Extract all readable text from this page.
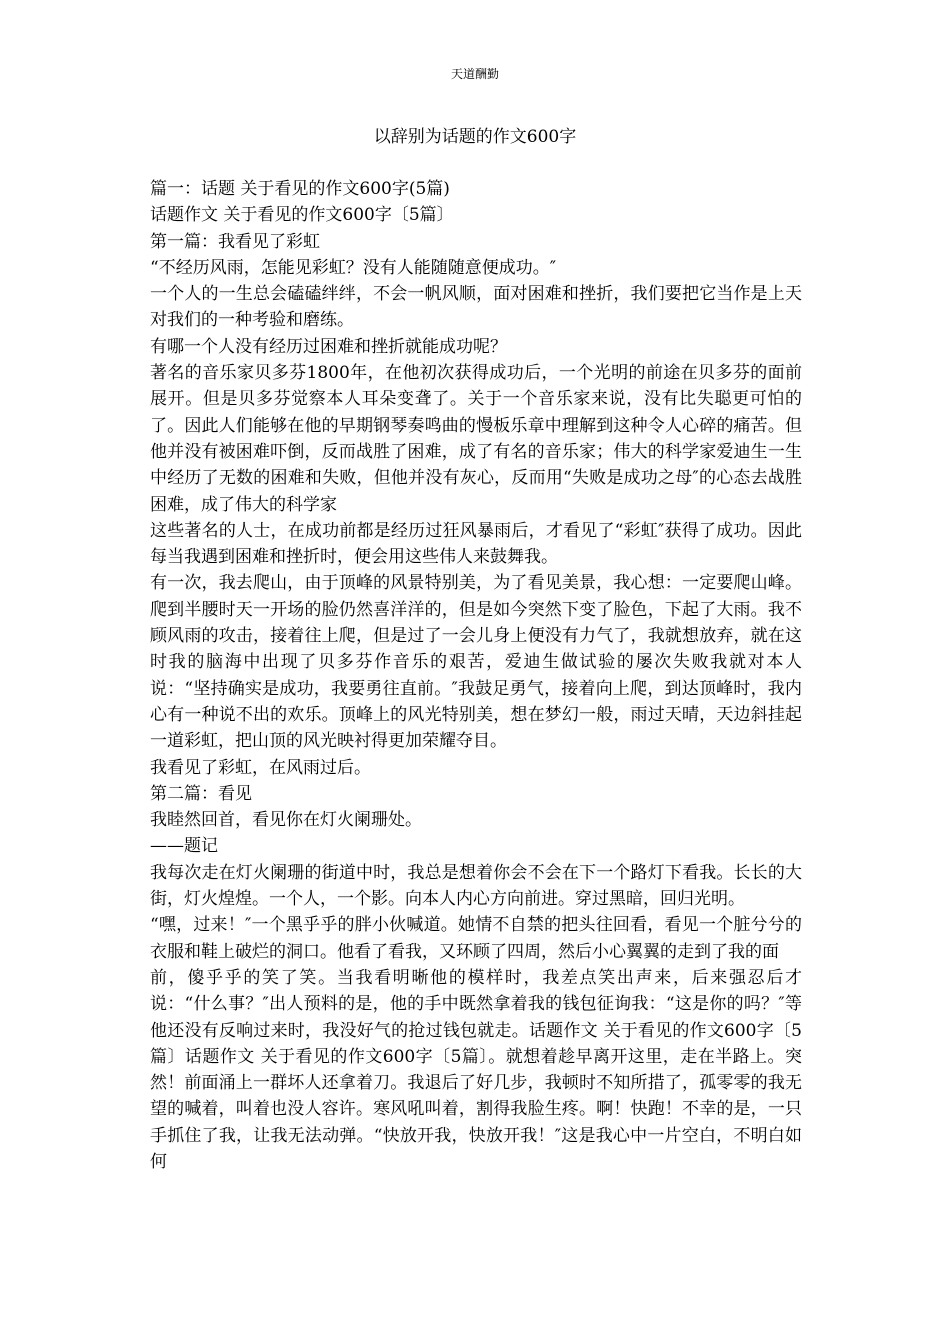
天道酬勤
以辞别为话题的作文600字

篇一：话题 关于看见的作文600字(5篇)

话题作文 关于看见的作文600字〔5篇〕

第一篇：我看见了彩虹

“不经历风雨，怎能见彩虹？没有人能随随意便成功。″

一个人的一生总会磕磕绊绊，不会一帆风顺，面对困难和挫折，我们要把它当作是上天对我们的一种考验和磨练。

有哪一个人没有经历过困难和挫折就能成功呢？

著名的音乐家贝多芬1800年，在他初次获得成功后，一个光明的前途在贝多芬的面前展开。但是贝多芬觉察本人耳朵变聋了。关于一个音乐家来说，没有比失聪更可怕的了。因此人们能够在他的早期钢琴奏鸣曲的慢板乐章中理解到这种令人心碎的痛苦。但他并没有被困难吓倒，反而战胜了困难，成了有名的音乐家；伟大的科学家爱迪生一生中经历了无数的困难和失败，但他并没有灰心，反而用“失败是成功之母″的心态去战胜困难，成了伟大的科学家

这些著名的人士，在成功前都是经历过狂风暴雨后，才看见了“彩虹″获得了成功。因此每当我遇到困难和挫折时，便会用这些伟人来鼓舞我。

有一次，我去爬山，由于顶峰的风景特别美，为了看见美景，我心想：一定要爬山峰。爬到半腰时天一开场的脸仍然喜洋洋的，但是如今突然下变了脸色，下起了大雨。我不顾风雨的攻击，接着往上爬，但是过了一会儿身上便没有力气了，我就想放弃，就在这时我的脑海中出现了贝多芬作音乐的艰苦，爱迪生做试验的屡次失败我就对本人说：“坚持确实是成功，我要勇往直前。″我鼓足勇气，接着向上爬，到达顶峰时，我内心有一种说不出的欢乐。顶峰上的风光特别美，想在梦幻一般，雨过天晴，天边斜挂起一道彩虹，把山顶的风光映衬得更加荣耀夺目。

我看见了彩虹，在风雨过后。

第二篇：看见

我睦然回首，看见你在灯火阑珊处。

——题记

我每次走在灯火阑珊的街道中时，我总是想着你会不会在下一个路灯下看我。长长的大街，灯火煌煌。一个人，一个影。向本人内心方向前进。穿过黑暗，回归光明。

“嘿，过来！″一个黑乎乎的胖小伙喊道。她情不自禁的把头往回看，看见一个脏兮兮的衣服和鞋上破烂的洞口。他看了看我，又环顾了四周，然后小心翼翼的走到了我的面

前，傻乎乎的笑了笑。当我看明晰他的模样时，我差点笑出声来，后来强忍后才说：“什么事？″出人预料的是，他的手中既然拿着我的钱包征询我：“这是你的吗？″等他还没有反响过来时，我没好气的抢过钱包就走。话题作文 关于看见的作文600字〔5篇〕话题作文 关于看见的作文600字〔5篇〕。就想着趁早离开这里，走在半路上。突然！前面涌上一群坏人还拿着刀。我退后了好几步，我顿时不知所措了，孤零零的我无望的喊着，叫着也没人容许。寒风吼叫着，割得我脸生疼。啊！快跑！不幸的是，一只手抓住了我，让我无法动弹。“快放开我，快放开我！″这是我心中一片空白，不明白如何
